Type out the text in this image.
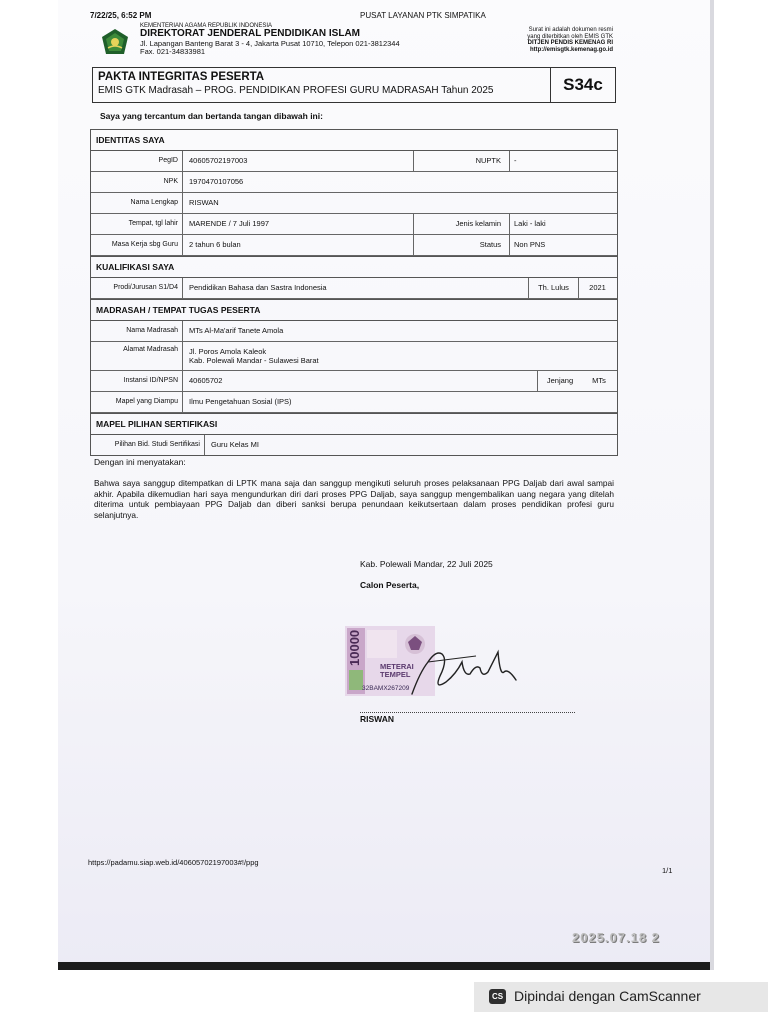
7/22/25, 6:52 PM	PUSAT LAYANAN PTK SIMPATIKA
KEMENTERIAN AGAMA REPUBLIK INDONESIA
DIREKTORAT JENDERAL PENDIDIKAN ISLAM
Jl. Lapangan Banteng Barat 3 - 4, Jakarta Pusat 10710, Telepon 021-3812344
Fax. 021-34833981
Surat ini adalah dokumen resmi
yang diterbitkan oleh EMIS GTK
DITJEN PENDIS KEMENAG RI
http://emisgtk.kemenag.go.id
PAKTA INTEGRITAS PESERTA
EMIS GTK Madrasah – PROG. PENDIDIKAN PROFESI GURU MADRASAH Tahun 2025	S34c
Saya yang tercantum dan bertanda tangan dibawah ini:
IDENTITAS SAYA
PegID	40605702197003	NUPTK	-
NPK	1970470107056
Nama Lengkap	RISWAN
Tempat, tgl lahir	MARENDE / 7 Juli 1997	Jenis kelamin	Laki - laki
Masa Kerja sbg Guru	2 tahun 6 bulan	Status	Non PNS
KUALIFIKASI SAYA
Prodi/Jurusan S1/D4	Pendidikan Bahasa dan Sastra Indonesia	Th. Lulus	2021
MADRASAH / TEMPAT TUGAS PESERTA
Nama Madrasah	MTs Al-Ma'arif Tanete Amola
Alamat Madrasah	Jl. Poros Amola Kaleok
Kab. Polewali Mandar - Sulawesi Barat
Instansi ID/NPSN	40605702	Jenjang	MTs
Mapel yang Diampu	Ilmu Pengetahuan Sosial (IPS)
MAPEL PILIHAN SERTIFIKASI
Pilihan Bid. Studi Sertifikasi	Guru Kelas MI
Dengan ini menyatakan:
Bahwa saya sanggup ditempatkan di LPTK mana saja dan sanggup mengikuti seluruh proses pelaksanaan PPG Daljab dari awal sampai akhir. Apabila dikemudian hari saya mengundurkan diri dari proses PPG Daljab, saya sanggup mengembalikan uang negara yang ditelah diterima untuk pembiayaan PPG Daljab dan diberi sanksi berupa penundaan keikutsertaan dalam proses pendidikan profesi guru selanjutnya.
Kab. Polewali Mandar, 22 Juli 2025
Calon Peserta,
10000
METERAI
TEMPEL
32BAMX267209
RISWAN
https://padamu.siap.web.id/40605702197003#!/ppg
1/1
2025.07.18 2
CS Dipindai dengan CamScanner
